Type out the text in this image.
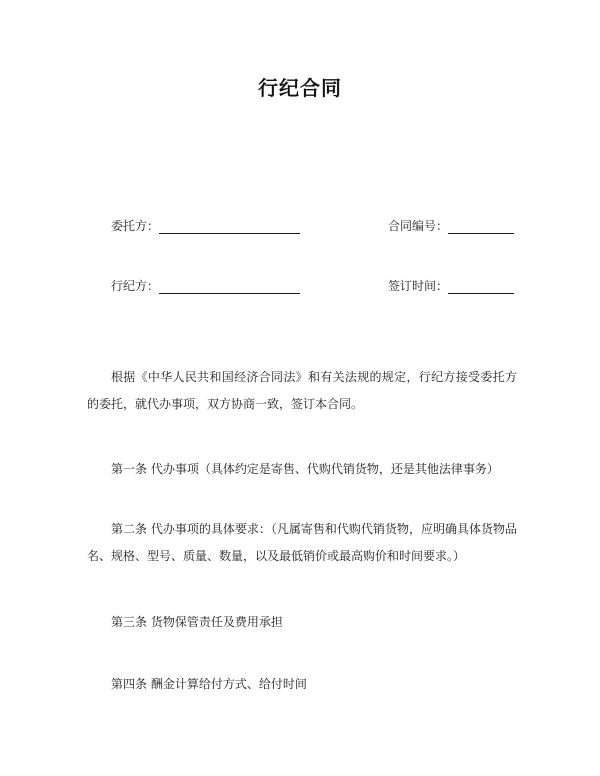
行纪合同
委托方：	合同编号：
行纪方：	签订时间：

根据《中华人民共和国经济合同法》和有关法规的规定，行纪方接受委托方的委托，就代办事项，双方协商一致，签订本合同。

第一条 代办事项（具体约定是寄售、代购代销货物，还是其他法律事务）

第二条 代办事项的具体要求：（凡属寄售和代购代销货物，应明确具体货物品名、规格、型号、质量、数量，以及最低销价或最高购价和时间要求。）

第三条 货物保管责任及费用承担

第四条 酬金计算给付方式、给付时间
